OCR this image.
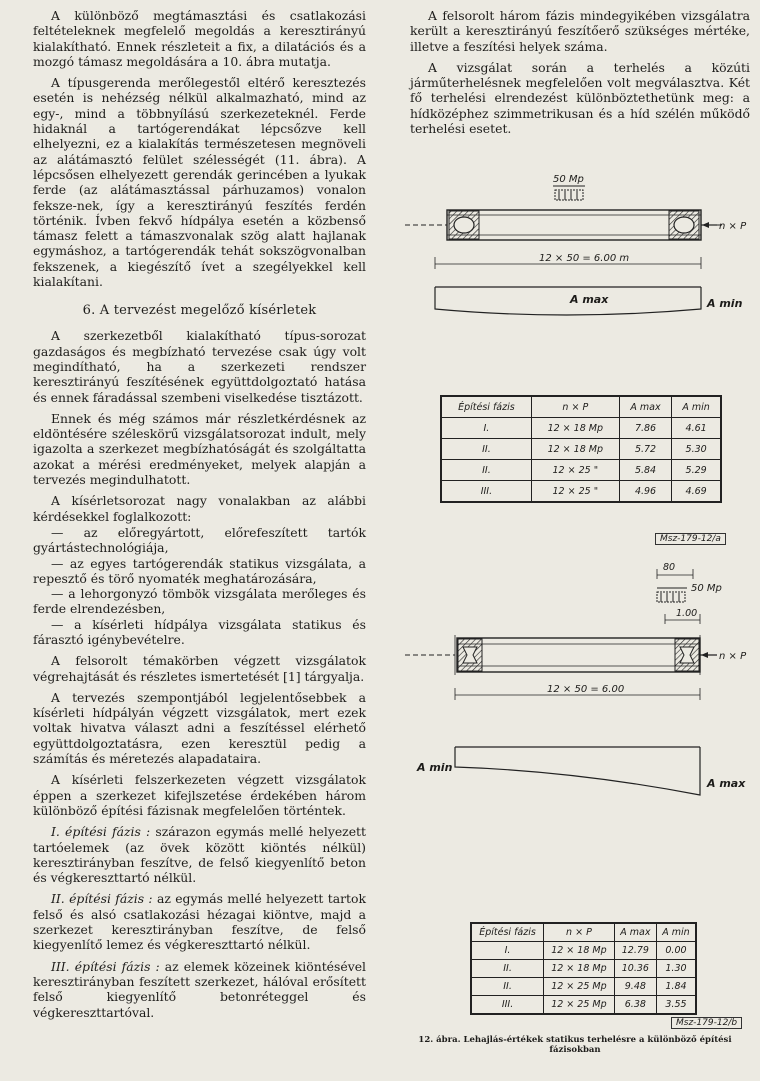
A különböző megtámasztási és csatlakozási feltételeknek megfelelő megoldás a keresztirányú kialakítható. Ennek részleteit a fix, a dilatációs és a mozgó támasz megoldására a 10. ábra mutatja.

A típusgerenda merőlegestől eltérő keresztezés esetén is nehézség nélkül alkalmazható, mind az egy-, mind a többnyílású szerkezeteknél. Ferde hidaknál a tartógerendákat lépcsőzve kell elhelyezni, ez a kialakítás természetesen megnöveli az alátámasztó felület szélességét (11. ábra). A lépcsősen elhelyezett gerendák gerincében a lyukak ferde (az alátámasztással párhuzamos) vonalon feksze-nek, így a keresztirányú feszítés ferdén történik. Ívben fekvő hídpálya esetén a közbenső támasz felett a támaszvonalak szög alatt hajlanak egymáshoz, a tartógerendák tehát sokszögvonalban fekszenek, a kiegészítő ívet a szegélyekkel kell kialakítani.

6. A tervezést megelőző kísérletek

A szerkezetből kialakítható típus-sorozat gazdaságos és megbízható tervezése csak úgy volt megindítható, ha a szerkezeti rendszer keresztirányú feszítésének együttdolgoztató hatása és ennek fáradással szembeni viselkedése tisztázott.

Ennek és még számos már részletkérdésnek az eldöntésére széleskörű vizsgálatsorozat indult, mely igazolta a szerkezet megbízhatóságát és szolgáltatta azokat a mérési eredményeket, melyek alapján a tervezés megindulhatott.

A kísérletsorozat nagy vonalakban az alábbi kérdésekkel foglalkozott:

— az előregyártott, előrefeszített tartók gyártástechnológiája,

— az egyes tartógerendák statikus vizsgálata, a repesztő és törő nyomaték meghatározására,

— a lehorgonyzó tömbök vizsgálata merőleges és ferde elrendezésben,

— a kísérleti hídpálya vizsgálata statikus és fárasztó igénybevételre.

A felsorolt témakörben végzett vizsgálatok végrehajtását és részletes ismertetését [1] tárgyalja.

A tervezés szempontjából legjelentősebbek a kísérleti hídpályán végzett vizsgálatok, mert ezek voltak hivatva választ adni a feszítéssel elérhető együttdolgoztatásra, ezen keresztül pedig a számítás és méretezés alapadataira.

A kísérleti felszerkezeten végzett vizsgálatok éppen a szerkezet kifejlszetése érdekében három különböző építési fázisnak megfelelően történtek.

I. építési fázis : szárazon egymás mellé helyezett tartóelemek (az övek között kiöntés nélkül) keresztirányban feszítve, de felső kiegyenlítő beton és végkereszttartó nélkül.

II. építési fázis : az egymás mellé helyezett tartok felső és alsó csatlakozási hézagai kiöntve, majd a szerkezet keresztirányban feszítve, de felső kiegyenlítő lemez és végkereszttartó nélkül.

III. építési fázis : az elemek közeinek kiöntésével keresztirányban feszített szerkezet, hálóval erősített felső kiegyenlítő betonréteggel és végkereszttartóval.

A felsorolt három fázis mindegyikében vizsgálatra került a keresztirányú feszítőerő szükséges mértéke, illetve a feszítési helyek száma.

A vizsgálat során a terhelés a közúti járműterhelésnek megfelelően volt megválasztva. Két fő terhelési elrendezést különböztethetünk meg: a hídközéphez szimmetrikusan és a híd szélén működő terhelési esetet.

50 Mp
n × P
12 × 50 = 6.00 m
A max	A min
80
50 Mp
1.00
n × P
12 × 50 = 6.00
A min
A max
Építési fázis	n × P	A max	A min
I.	12 × 18 Mp	7.86	4.61
II.	12 × 18 Mp	5.72	5.30
II.	12 × 25 "	5.84	5.29
III.	12 × 25 "	4.96	4.69
Msz-179-12/a
Építési fázis	n × P	A max	A min
I.	12 × 18 Mp	12.79	0.00
II.	12 × 18 Mp	10.36	1.30
II.	12 × 25 Mp	9.48	1.84
III.	12 × 25 Mp	6.38	3.55
Msz-179-12/b
12. ábra. Lehajlás-értékek statikus terhelésre a különböző építési fázisokban
